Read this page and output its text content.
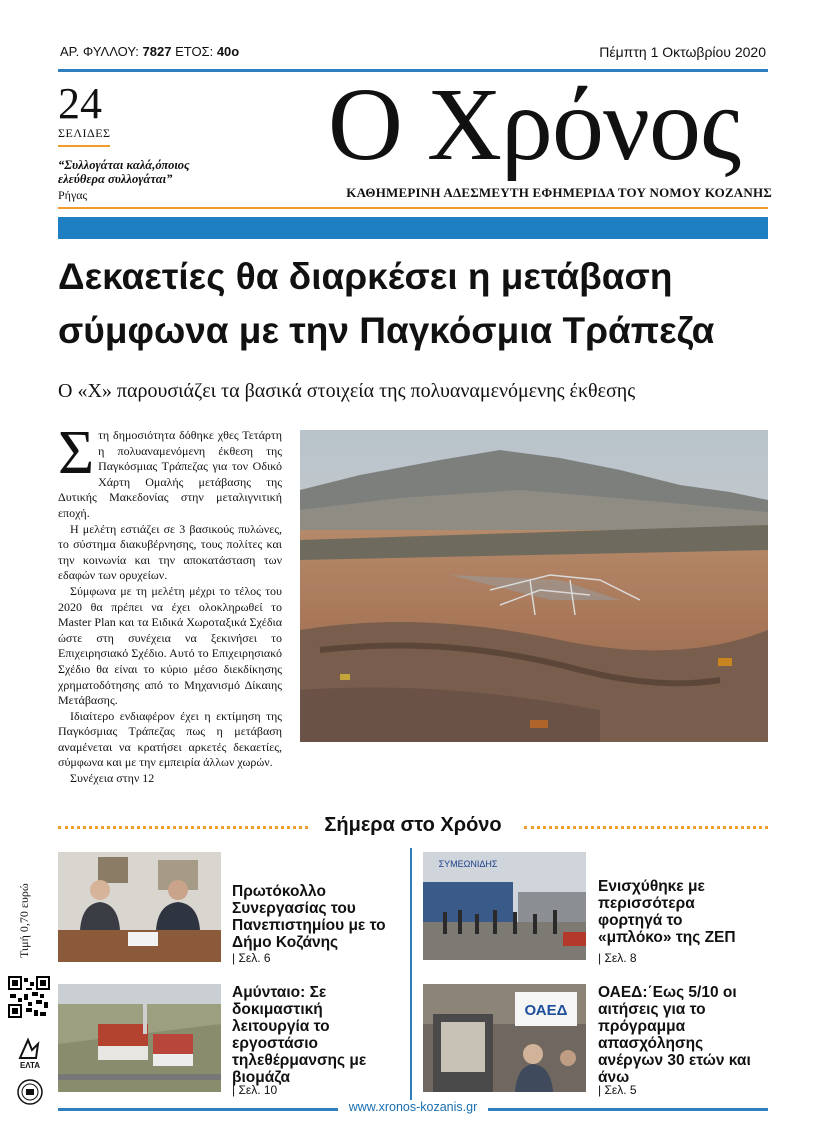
ΑΡ. ΦΥΛΛΟΥ: 7827 ΕΤΟΣ: 40ο	Πέμπτη 1 Οκτωβρίου 2020
24
ΣΕΛΙΔΕΣ
“Συλλογάται καλά,όποιος ελεύθερα συλλογάται”
Ρήγας
Ο Χρόνος
ΚΑΘΗΜΕΡΙΝΗ ΑΔΕΣΜΕΥΤΗ ΕΦΗΜΕΡΙΔΑ ΤΟΥ ΝΟΜΟΥ ΚΟΖΑΝΗΣ
Δεκαετίες θα διαρκέσει η μετάβαση
σύμφωνα με την Παγκόσμια Τράπεζα
Ο «Χ» παρουσιάζει τα βασικά στοιχεία της πολυαναμενόμενης έκθεσης

Στη δημοσιότητα δόθηκε χθες Τετάρτη η πολυαναμενόμενη έκθεση της Παγκόσμιας Τράπεζας για τον Οδικό Χάρτη Ομαλής μετάβασης της Δυτικής Μακεδονίας στην μεταλιγνιτική εποχή.

Η μελέτη εστιάζει σε 3 βασικούς πυλώνες, το σύστημα διακυβέρνησης, τους πολίτες και την κοινωνία και την αποκατάσταση των εδαφών των ορυχείων.

Σύμφωνα με τη μελέτη μέχρι το τέλος του 2020 θα πρέπει να έχει ολοκληρωθεί το Master Plan και τα Ειδικά Χωροταξικά Σχέδια ώστε στη συνέχεια να ξεκινήσει το Επιχειρησιακό Σχέδιο. Αυτό το Επιχειρησιακό Σχέδιο θα είναι το κύριο μέσο διεκδίκησης χρηματοδότησης από το Μηχανισμό Δίκαιης Μετάβασης.

Ιδιαίτερο ενδιαφέρον έχει η εκτίμηση της Παγκόσμιας Τράπεζας πως η μετάβαση αναμένεται να κρατήσει αρκετές δεκαετίες, σύμφωνα και με την εμπειρία άλλων χωρών.

Συνέχεια στην 12

Σήμερα στο Χρόνο
Πρωτόκολλο Συνεργασίας του Πανεπιστημίου με το Δήμο Κοζάνης
| Σελ. 6
ΣΥΜΕΩΝΙΔΗΣ
Ενισχύθηκε με περισσότερα φορτηγά το «μπλόκο» της ΖΕΠ
| Σελ. 8
Αμύνταιο: Σε δοκιμαστική λειτουργία το εργοστάσιο τηλεθέρμανσης με βιομάζα
| Σελ. 10
ΟΑΕΔ
ΟΑΕΔ:΄Εως 5/10 οι αιτήσεις για το πρόγραμμα απασχόλησης ανέργων 30 ετών και άνω
| Σελ. 5
Τιμή 0,70 ευρώ
ΕΛΤΑ
www.xronos-kozanis.gr
